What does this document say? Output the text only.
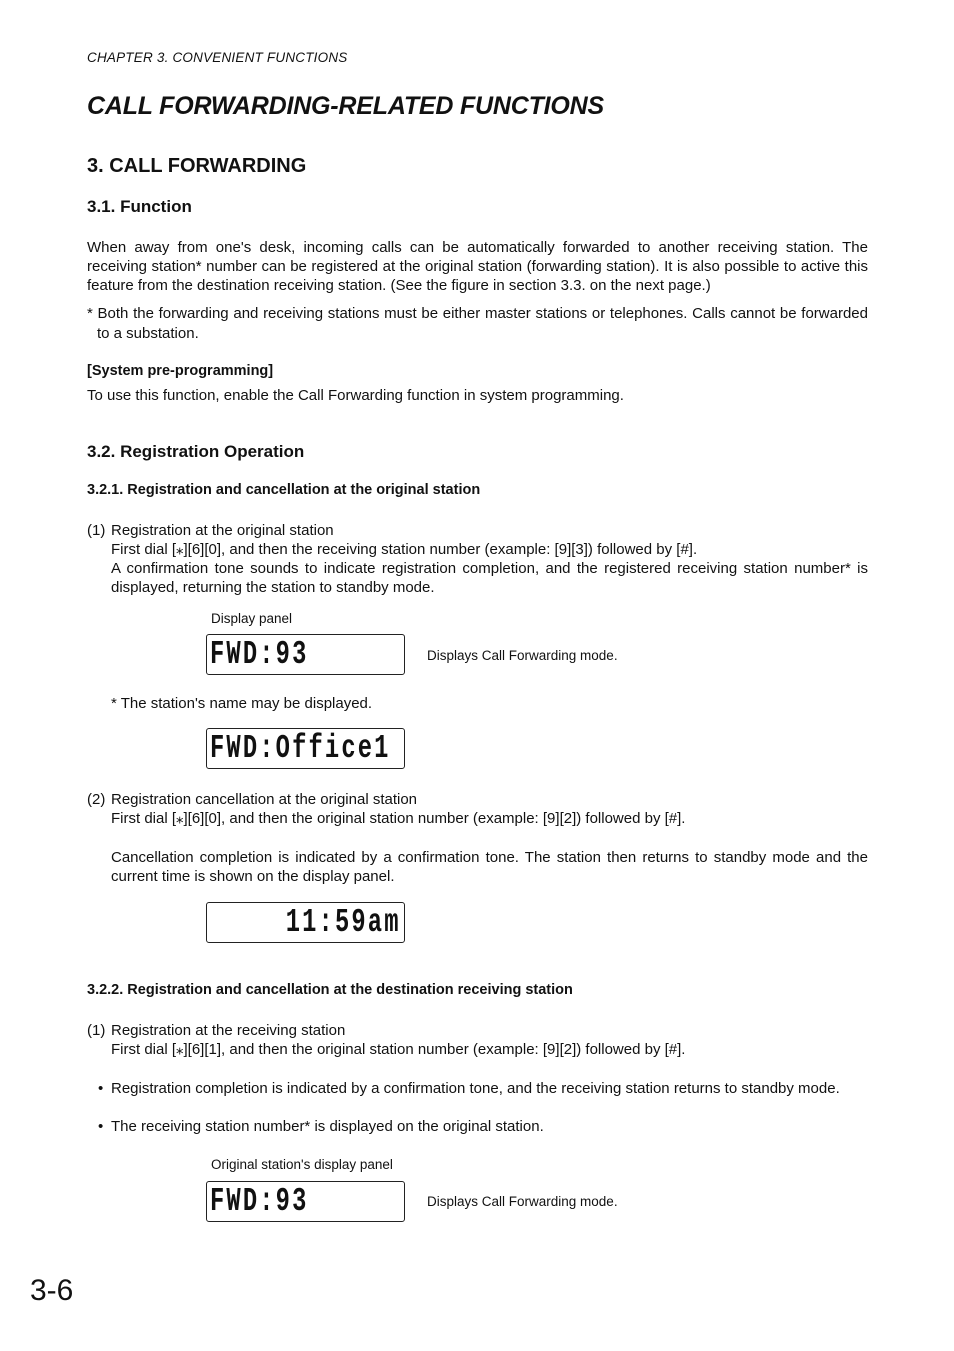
CHAPTER 3. CONVENIENT FUNCTIONS
CALL FORWARDING-RELATED FUNCTIONS
3. CALL FORWARDING
3.1. Function
When away from one's desk, incoming calls can be automatically forwarded to another receiving station. The receiving station* number can be registered at the original station (forwarding station). It is also possible to active this feature from the destination receiving station. (See the figure in section 3.3. on the next page.)
* Both the forwarding and receiving stations must be either master stations or telephones. Calls cannot be forwarded to a substation.
[System pre-programming]
To use this function, enable the Call Forwarding function in system programming.
3.2. Registration Operation
3.2.1. Registration and cancellation at the original station
(1) Registration at the original station
First dial [⁎][6][0], and then the receiving station number (example: [9][3]) followed by [#].
A confirmation tone sounds to indicate registration completion, and the registered receiving station number* is displayed, returning the station to standby mode.
Display panel
FWD:93	Displays Call Forwarding mode.
* The station's name may be displayed.
FWD:Office1
(2) Registration cancellation at the original station
First dial [⁎][6][0], and then the original station number (example: [9][2]) followed by [#].
Cancellation completion is indicated by a confirmation tone. The station then returns to standby mode and the current time is shown on the display panel.
11:59am
3.2.2. Registration and cancellation at the destination receiving station
(1) Registration at the receiving station
First dial [⁎][6][1], and then the original station number (example: [9][2]) followed by [#].
• Registration completion is indicated by a confirmation tone, and the receiving station returns to standby mode.
• The receiving station number* is displayed on the original station.
Original station's display panel
FWD:93	Displays Call Forwarding mode.
3-6
